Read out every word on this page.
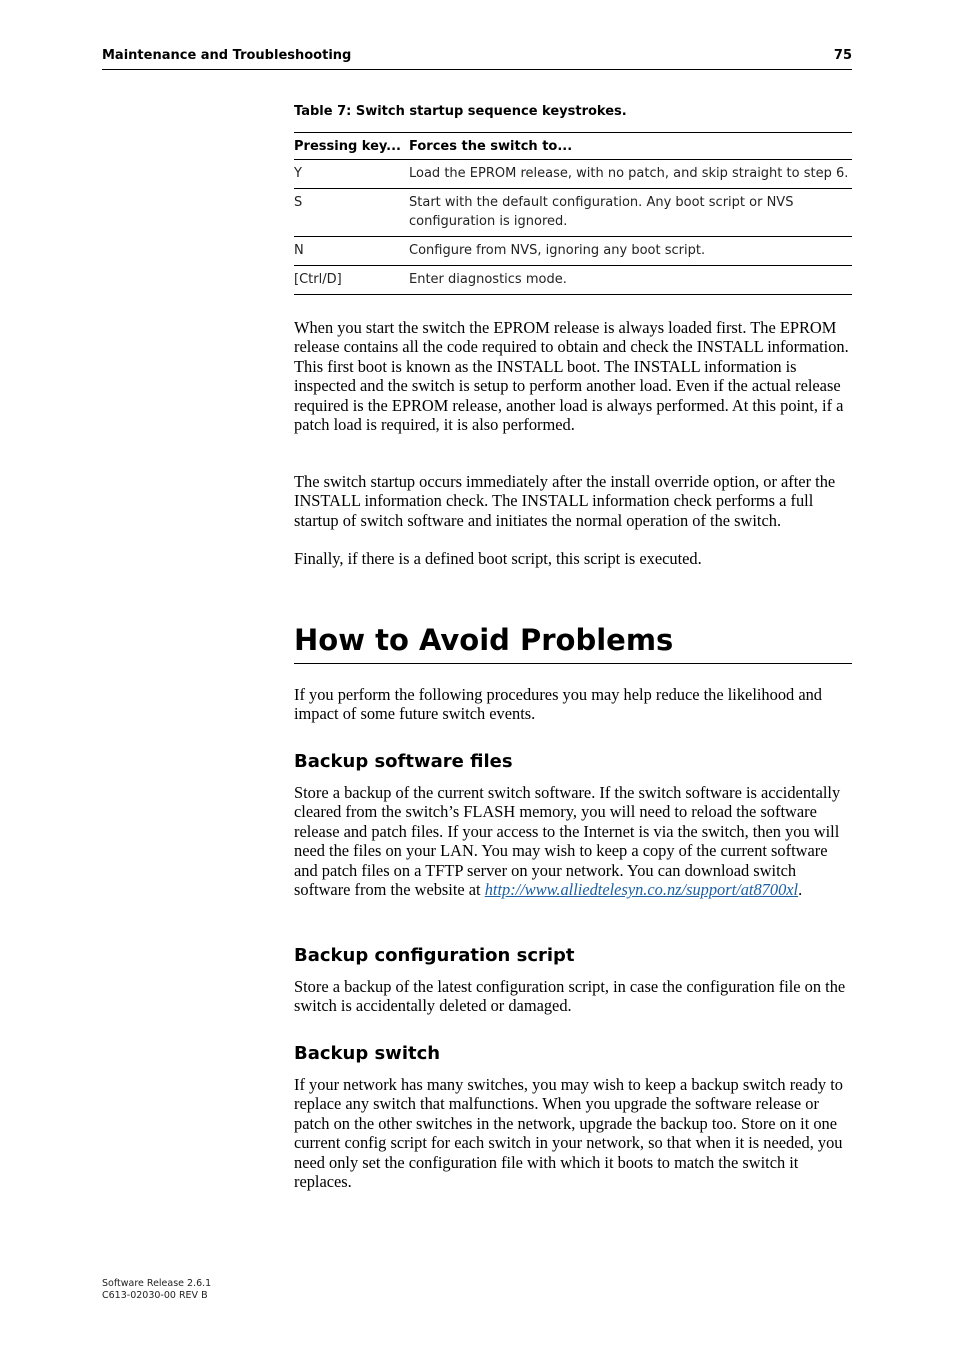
Maintenance and Troubleshooting	75
Table 7: Switch startup sequence keystrokes.
Pressing key...	Forces the switch to...
Y	Load the EPROM release, with no patch, and skip straight to step 6.
S	Start with the default configuration. Any boot script or NVS configuration is ignored.
N	Configure from NVS, ignoring any boot script.
[Ctrl/D]	Enter diagnostics mode.

When you start the switch the EPROM release is always loaded first. The EPROM release contains all the code required to obtain and check the INSTALL information. This first boot is known as the INSTALL boot. The INSTALL information is inspected and the switch is setup to perform another load. Even if the actual release required is the EPROM release, another load is always performed. At this point, if a patch load is required, it is also performed.

The switch startup occurs immediately after the install override option, or after the INSTALL information check. The INSTALL information check performs a full startup of switch software and initiates the normal operation of the switch.

Finally, if there is a defined boot script, this script is executed.

How to Avoid Problems

If you perform the following procedures you may help reduce the likelihood and impact of some future switch events.

Backup software files

Store a backup of the current switch software. If the switch software is accidentally cleared from the switch’s FLASH memory, you will need to reload the software release and patch files. If your access to the Internet is via the switch, then you will need the files on your LAN. You may wish to keep a copy of the current software and patch files on a TFTP server on your network. You can download switch software from the website at http://www.alliedtelesyn.co.nz/support/at8700xl.

Backup configuration script

Store a backup of the latest configuration script, in case the configuration file on the switch is accidentally deleted or damaged.

Backup switch

If your network has many switches, you may wish to keep a backup switch ready to replace any switch that malfunctions. When you upgrade the software release or patch on the other switches in the network, upgrade the backup too. Store on it one current config script for each switch in your network, so that when it is needed, you need only set the configuration file with which it boots to match the switch it replaces.

Software Release 2.6.1
C613-02030-00 REV B
